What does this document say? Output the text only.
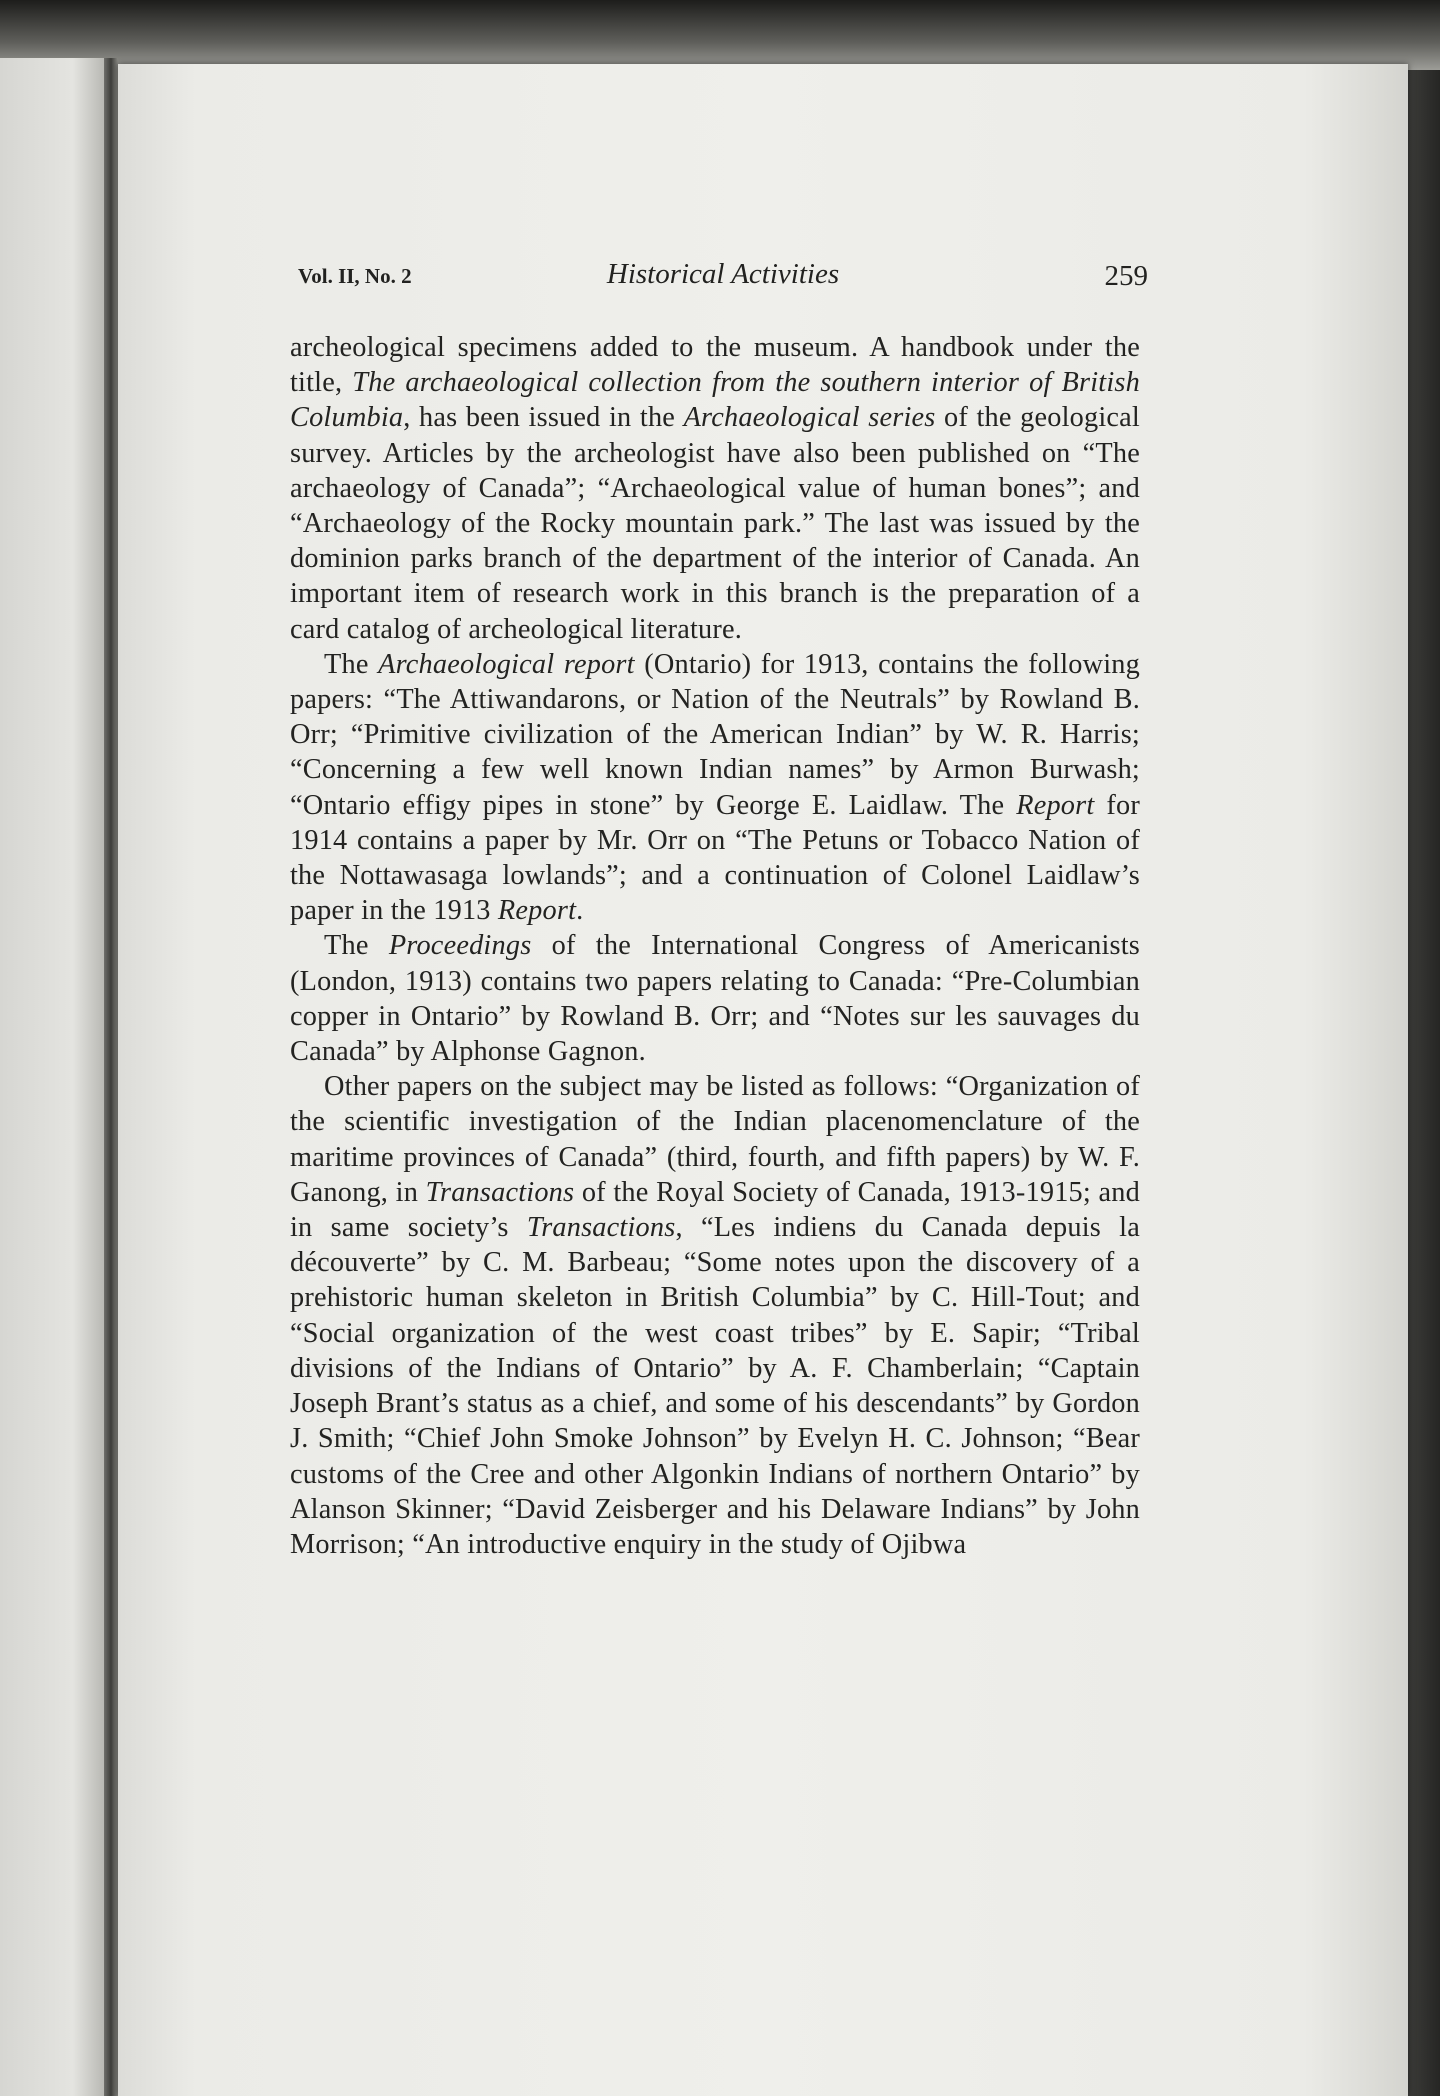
Vol. II, No. 2	Historical Activities	259

archeological specimens added to the museum. A handbook under the title, The archaeological collection from the southern interior of British Columbia, has been issued in the Archaeological series of the geological survey. Articles by the archeologist have also been published on “The archaeology of Canada”; “Archaeological value of human bones”; and “Archaeology of the Rocky mountain park.” The last was issued by the dominion parks branch of the department of the interior of Canada. An important item of research work in this branch is the preparation of a card catalog of archeological literature.

The Archaeological report (Ontario) for 1913, contains the following papers: “The Attiwandarons, or Nation of the Neutrals” by Rowland B. Orr; “Primitive civilization of the American Indian” by W. R. Harris; “Concerning a few well known Indian names” by Armon Burwash; “Ontario effigy pipes in stone” by George E. Laidlaw. The Report for 1914 contains a paper by Mr. Orr on “The Petuns or Tobacco Nation of the Nottawasaga lowlands”; and a continuation of Colonel Laidlaw’s paper in the 1913 Report.

The Proceedings of the International Congress of Americanists (London, 1913) contains two papers relating to Canada: “Pre-Columbian copper in Ontario” by Rowland B. Orr; and “Notes sur les sauvages du Canada” by Alphonse Gagnon.

Other papers on the subject may be listed as follows: “Organization of the scientific investigation of the Indian placenomenclature of the maritime provinces of Canada” (third, fourth, and fifth papers) by W. F. Ganong, in Transactions of the Royal Society of Canada, 1913-1915; and in same society’s Transactions, “Les indiens du Canada depuis la découverte” by C. M. Barbeau; “Some notes upon the discovery of a prehistoric human skeleton in British Columbia” by C. Hill-Tout; and “Social organization of the west coast tribes” by E. Sapir; “Tribal divisions of the Indians of Ontario” by A. F. Chamberlain; “Captain Joseph Brant’s status as a chief, and some of his descendants” by Gordon J. Smith; “Chief John Smoke Johnson” by Evelyn H. C. Johnson; “Bear customs of the Cree and other Algonkin Indians of northern Ontario” by Alanson Skinner; “David Zeisberger and his Delaware Indians” by John Morrison; “An introductive enquiry in the study of Ojibwa
